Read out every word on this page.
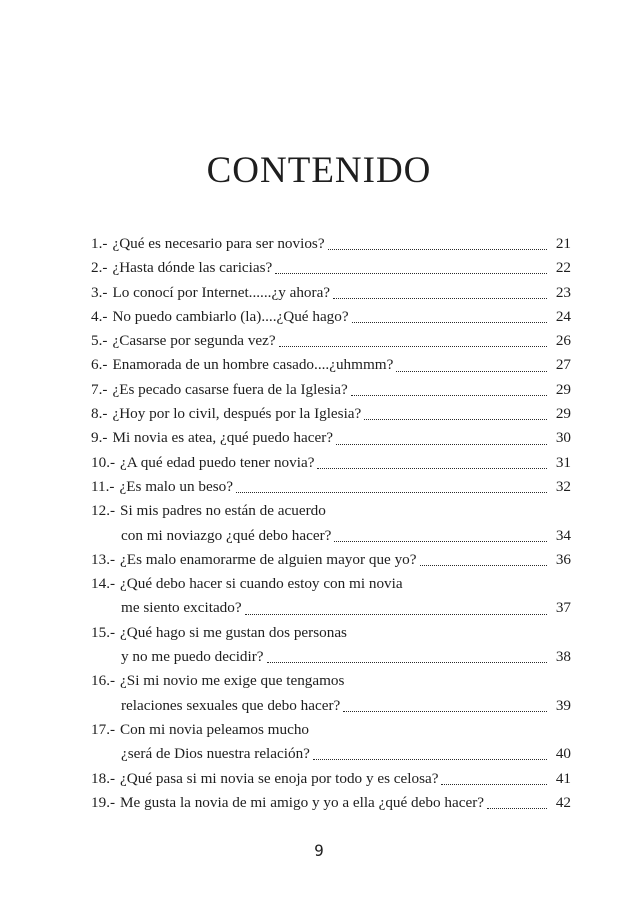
CONTENIDO
1.- ¿Qué es necesario para ser novios?	21
2.- ¿Hasta dónde las caricias?	22
3.- Lo conocí por Internet......¿y ahora?	23
4.- No puedo cambiarlo (la)....¿Qué hago?	24
5.- ¿Casarse por segunda vez?	26
6.- Enamorada de un hombre casado....¿uhmmm?	27
7.- ¿Es pecado casarse fuera de la Iglesia?	29
8.- ¿Hoy por lo civil, después por la Iglesia?	29
9.- Mi novia es atea, ¿qué puedo hacer?	30
10.- ¿A qué edad puedo tener novia?	31
11.- ¿Es malo un beso?	32
12.- Si mis padres no están de acuerdo
con mi noviazgo ¿qué debo hacer?	34
13.- ¿Es malo enamorarme de alguien mayor que yo?	36
14.- ¿Qué debo hacer si cuando estoy con mi novia
me siento excitado?	37
15.- ¿Qué hago si me gustan dos personas
y no me puedo decidir?	38
16.- ¿Si mi novio me exige que tengamos
relaciones sexuales que debo hacer?	39
17.- Con mi novia peleamos mucho
¿será de Dios nuestra relación?	40
18.- ¿Qué pasa si mi novia se enoja por todo y es celosa?	41
19.- Me gusta la novia de mi amigo y yo a ella ¿qué debo hacer?	42
9
